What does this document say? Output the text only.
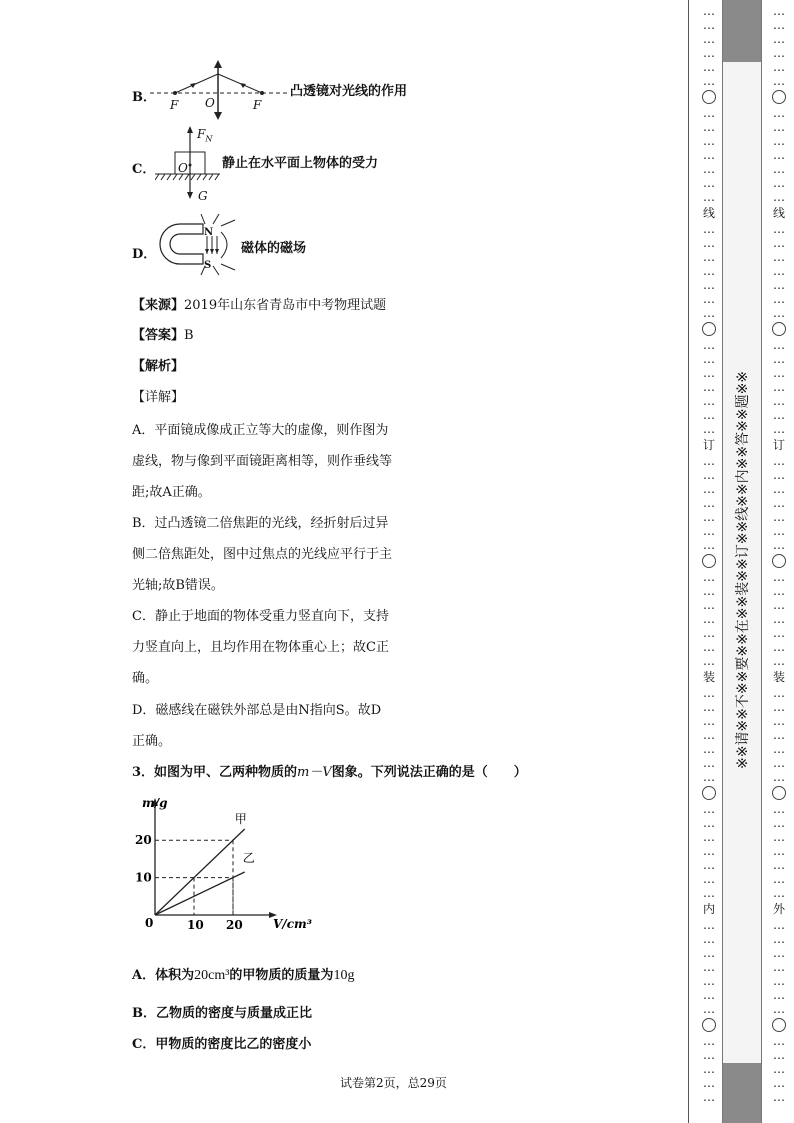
B． F O	F
凸透镜对光线的作用
C．
$F_N$
O
G
静止在水平面上物体的受力
D．
N
S
磁体的磁场
【来源】2019年山东省青岛市中考物理试题
【答案】B
【解析】
【详解】
A．平面镜成像成正立等大的虚像，则作图为
虚线，物与像到平面镜距离相等，则作垂线等
距;故A正确。
B．过凸透镜二倍焦距的光线，经折射后过异
侧二倍焦距处，图中过焦点的光线应平行于主
光轴;故B错误。
C．静止于地面的物体受重力竖直向下，支持
力竖直向上，且均作用在物体重心上；故C正
确。
D．磁感线在磁铁外部总是由N指向S。故D
正确。
3．如图为甲、乙两种物质的m－V图象。下列说法正确的是（　　）
甲
乙
10 20
10
20
m/g
V/cm³
0
A．体积为20cm³的甲物质的质量为10g
B．乙物质的密度与质量成正比
C．甲物质的密度比乙的密度小
试卷第2页，总29页
…
…
…
…
…
…
…
…
…
…
…
…
…
线
…
…
…
…
…
…
…
…
…
…
…
…
…
…
订
…
…
…
…
…
…
…
…
…
…
…
…
…
…
装
…
…
…
…
…
…
…
…
…
…
…
…
…
…
内
…
…
…
…
…
…
…
…
…
…
…
…
※※请※※不※※要※※在※※装※※订※※线※※内※※答※※题※※
…
…
…
…
…
…
…
…
…
…
…
…
…
线
…
…
…
…
…
…
…
…
…
…
…
…
…
…
订
…
…
…
…
…
…
…
…
…
…
…
…
…
…
装
…
…
…
…
…
…
…
…
…
…
…
…
…
…
外
…
…
…
…
…
…
…
…
…
…
…
…
